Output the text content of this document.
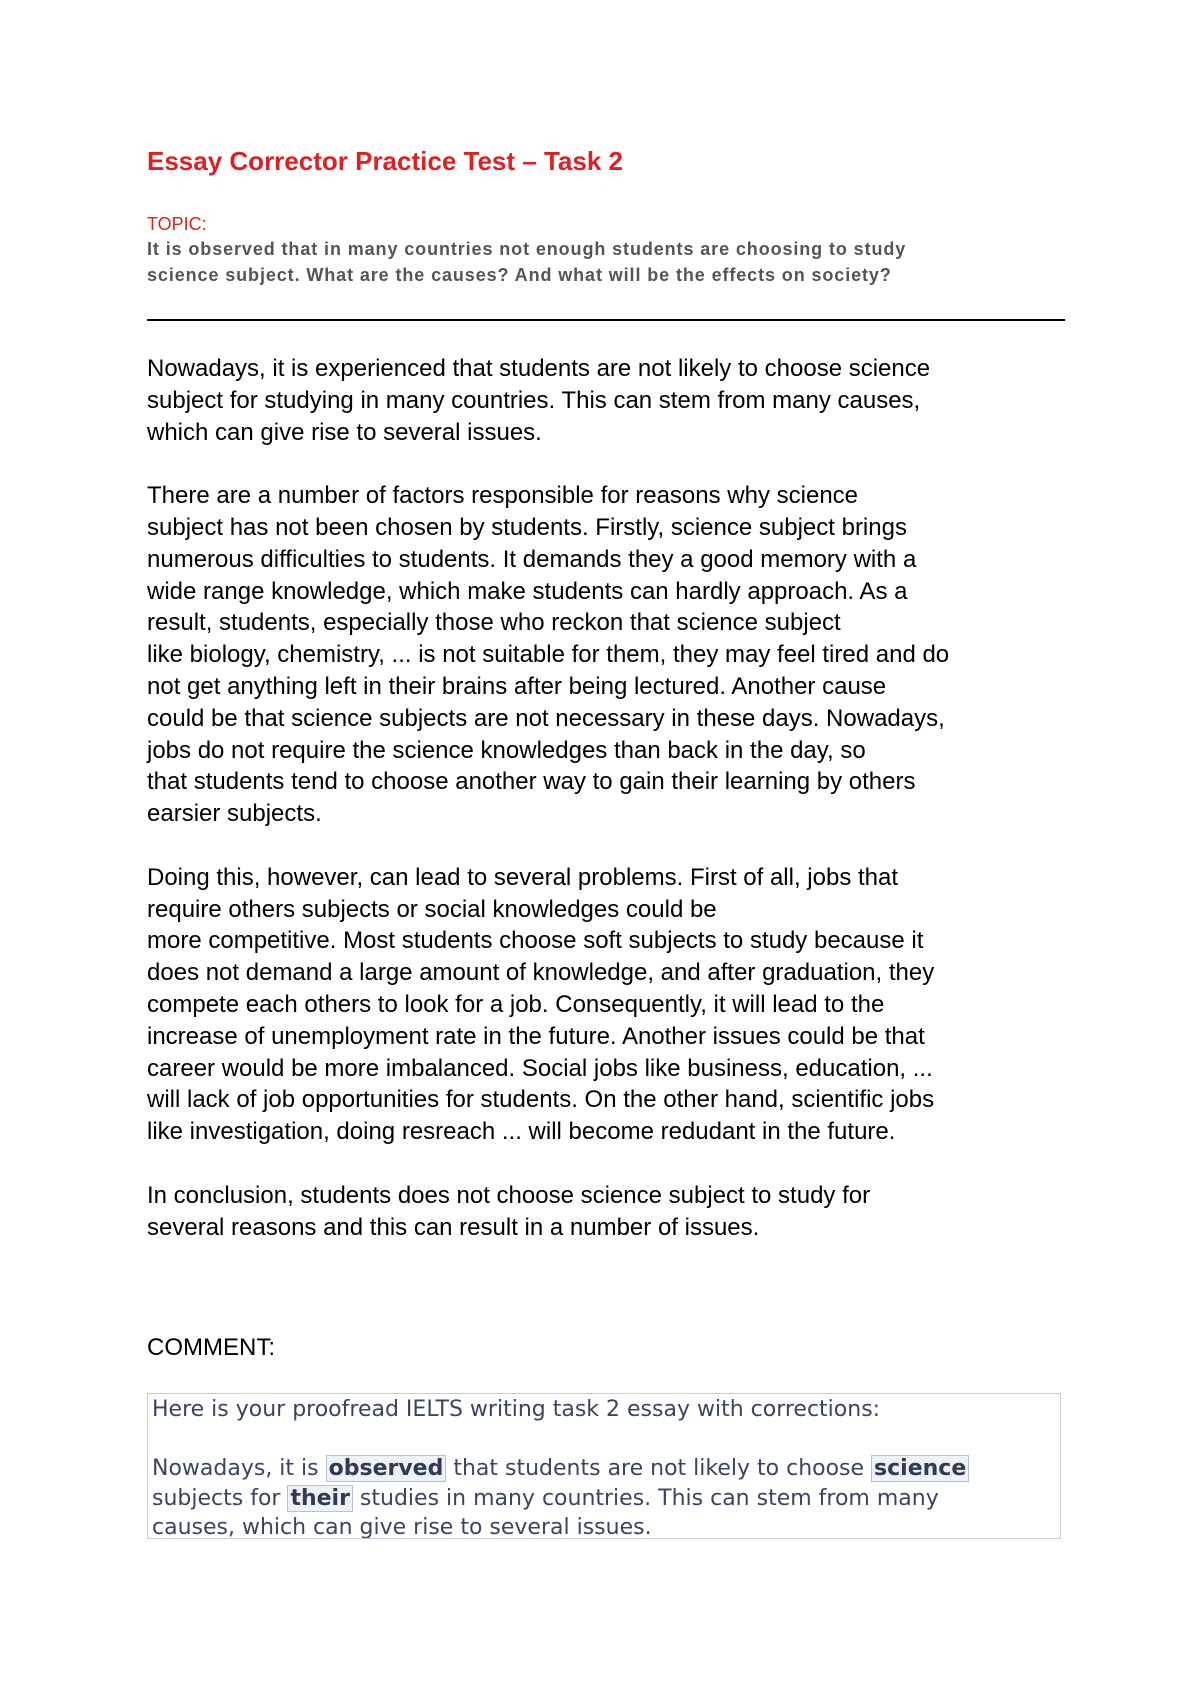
Essay Corrector Practice Test – Task 2
TOPIC:
It is observed that in many countries not enough students are choosing to study
science subject. What are the causes? And what will be the effects on society?

Nowadays, it is experienced that students are not likely to choose science
subject for studying in many countries. This can stem from many causes,
which can give rise to several issues.

There are a number of factors responsible for reasons why science
subject has not been chosen by students. Firstly, science subject brings
numerous difficulties to students. It demands they a good memory with a
wide range knowledge, which make students can hardly approach. As a
result, students, especially those who reckon that science subject
like biology, chemistry, ... is not suitable for them, they may feel tired and do
not get anything left in their brains after being lectured. Another cause
could be that science subjects are not necessary in these days. Nowadays,
jobs do not require the science knowledges than back in the day, so
that students tend to choose another way to gain their learning by others
earsier subjects.

Doing this, however, can lead to several problems. First of all, jobs that
require others subjects or social knowledges could be
more competitive. Most students choose soft subjects to study because it
does not demand a large amount of knowledge, and after graduation, they
compete each others to look for a job. Consequently, it will lead to the
increase of unemployment rate in the future. Another issues could be that
career would be more imbalanced. Social jobs like business, education, ...
will lack of job opportunities for students. On the other hand, scientific jobs
like investigation, doing resreach ... will become redudant in the future.

In conclusion, students does not choose science subject to study for
several reasons and this can result in a number of issues.

COMMENT:
Here is your proofread IELTS writing task 2 essay with corrections:
Nowadays, it is observed that students are not likely to choose science
subjects for their studies in many countries. This can stem from many
causes, which can give rise to several issues.
